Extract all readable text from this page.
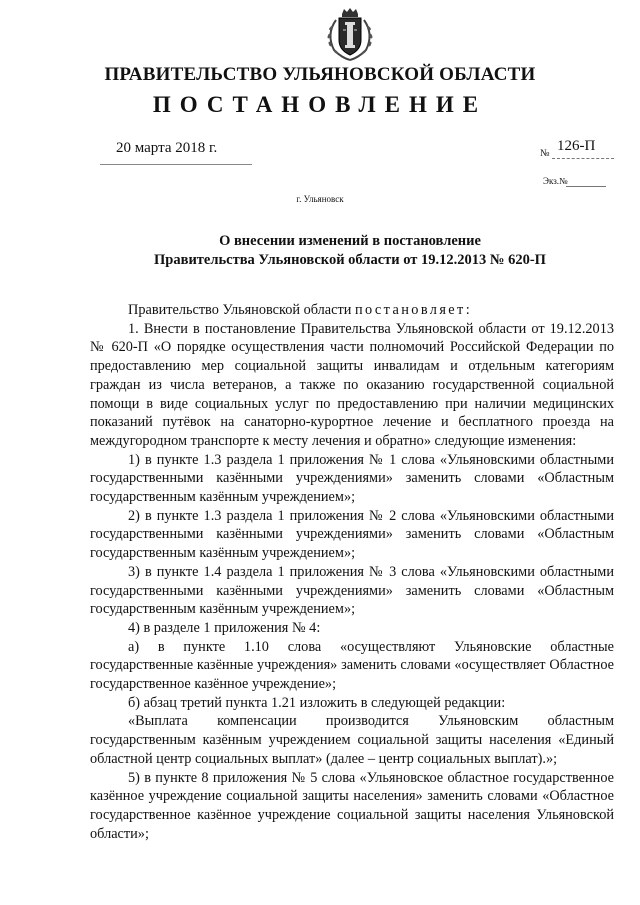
ПРАВИТЕЛЬСТВО УЛЬЯНОВСКОЙ ОБЛАСТИ
ПОСТАНОВЛЕНИЕ
20 марта 2018 г.	№ 126-П
Экз.№
г. Ульяновск
О внесении изменений в постановление
Правительства Ульяновской области от 19.12.2013 № 620-П

Правительство Ульяновской области постановляет:

1. Внести в постановление Правительства Ульяновской области от 19.12.2013 № 620-П «О порядке осуществления части полномочий Российской Федерации по предоставлению мер социальной защиты инвалидам и отдельным категориям граждан из числа ветеранов, а также по оказанию государственной социальной помощи в виде социальных услуг по предоставлению при наличии медицинских показаний путёвок на санаторно-курортное лечение и бесплатного проезда на междугородном транспорте к месту лечения и обратно» следующие изменения:

1) в пункте 1.3 раздела 1 приложения № 1 слова «Ульяновскими областными государственными казёнными учреждениями» заменить словами «Областным государственным казённым учреждением»;

2) в пункте 1.3 раздела 1 приложения № 2 слова «Ульяновскими областными государственными казёнными учреждениями» заменить словами «Областным государственным казённым учреждением»;

3) в пункте 1.4 раздела 1 приложения № 3 слова «Ульяновскими областными государственными казёнными учреждениями» заменить словами «Областным государственным казённым учреждением»;

4) в разделе 1 приложения № 4:

а) в пункте 1.10 слова «осуществляют Ульяновские областные государственные казённые учреждения» заменить словами «осуществляет Областное государственное казённое учреждение»;

б) абзац третий пункта 1.21 изложить в следующей редакции:

«Выплата компенсации производится Ульяновским областным государственным казённым учреждением социальной защиты населения «Единый областной центр социальных выплат» (далее – центр социальных выплат).»;

5) в пункте 8 приложения № 5 слова «Ульяновское областное государственное казённое учреждение социальной защиты населения» заменить словами «Областное государственное казённое учреждение социальной защиты населения Ульяновской области»;
